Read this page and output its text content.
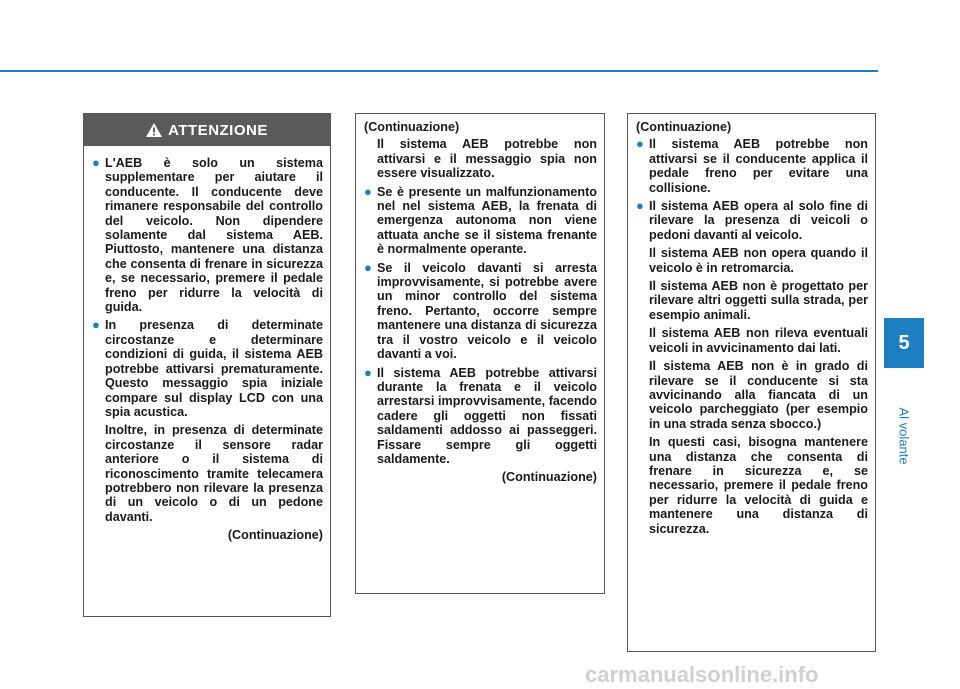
5
Al volante
ATTENZIONE

● L'AEB è solo un sistema supplementare per aiutare il conducente. Il conducente deve rimanere responsabile del controllo del veicolo. Non dipendere solamente dal sistema AEB. Piuttosto, mantenere una distanza che consenta di frenare in sicurezza e, se necessario, premere il pedale freno per ridurre la velocità di guida.

● In presenza di determinate circostanze e determinare condizioni di guida, il sistema AEB potrebbe attivarsi prematuramente. Questo messaggio spia iniziale compare sul display LCD con una spia acustica.

Inoltre, in presenza di determinate circostanze il sensore radar anteriore o il sistema di riconoscimento tramite telecamera potrebbero non rilevare la presenza di un veicolo o di un pedone davanti.

(Continuazione)

(Continuazione)

Il sistema AEB potrebbe non attivarsi e il messaggio spia non essere visualizzato.

● Se è presente un malfunzionamento nel nel sistema AEB, la frenata di emergenza autonoma non viene attuata anche se il sistema frenante è normalmente operante.

● Se il veicolo davanti si arresta improvvisamente, si potrebbe avere un minor controllo del sistema freno. Pertanto, occorre sempre mantenere una distanza di sicurezza tra il vostro veicolo e il veicolo davanti a voi.

● Il sistema AEB potrebbe attivarsi durante la frenata e il veicolo arrestarsi improvvisamente, facendo cadere gli oggetti non fissati saldamenti addosso ai passeggeri. Fissare sempre gli oggetti saldamente.

(Continuazione)

(Continuazione)

● Il sistema AEB potrebbe non attivarsi se il conducente applica il pedale freno per evitare una collisione.

● Il sistema AEB opera al solo fine di rilevare la presenza di veicoli o pedoni davanti al veicolo.

Il sistema AEB non opera quando il veicolo è in retromarcia.

Il sistema AEB non è progettato per rilevare altri oggetti sulla strada, per esempio animali.

Il sistema AEB non rileva eventuali veicoli in avvicinamento dai lati.

Il sistema AEB non è in grado di rilevare se il conducente si sta avvicinando alla fiancata di un veicolo parcheggiato (per esempio in una strada senza sbocco.)

In questi casi, bisogna mantenere una distanza che consenta di frenare in sicurezza e, se necessario, premere il pedale freno per ridurre la velocità di guida e mantenere una distanza di sicurezza.

carmanualsonline.info
